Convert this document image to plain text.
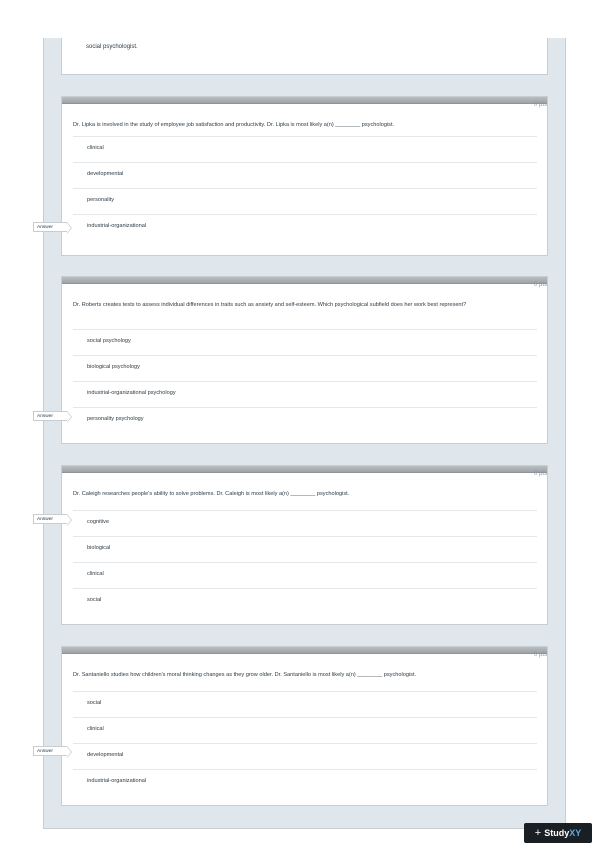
social psychologist.
0 pts
Dr. Lipka is involved in the study of employee job satisfaction and productivity. Dr. Lipka is most likely a(n) ________ psychologist.
clinical
developmental
personality
industrial-organizational
Answer
0 pts
Dr. Roberts creates tests to assess individual differences in traits such as anxiety and self-esteem. Which psychological subfield does her work best represent?
social psychology
biological psychology
industrial-organizational psychology
personality psychology
Answer
0 pts
Dr. Caleigh researches people's ability to solve problems. Dr. Caleigh is most likely a(n) ________ psychologist.
cognitive
biological
clinical
social
Answer
0 pts
Dr. Santaniello studies how children's moral thinking changes as they grow older. Dr. Santaniello is most likely a(n) ________ psychologist.
social
clinical
developmental
industrial-organizational
Answer
+ StudyXY
